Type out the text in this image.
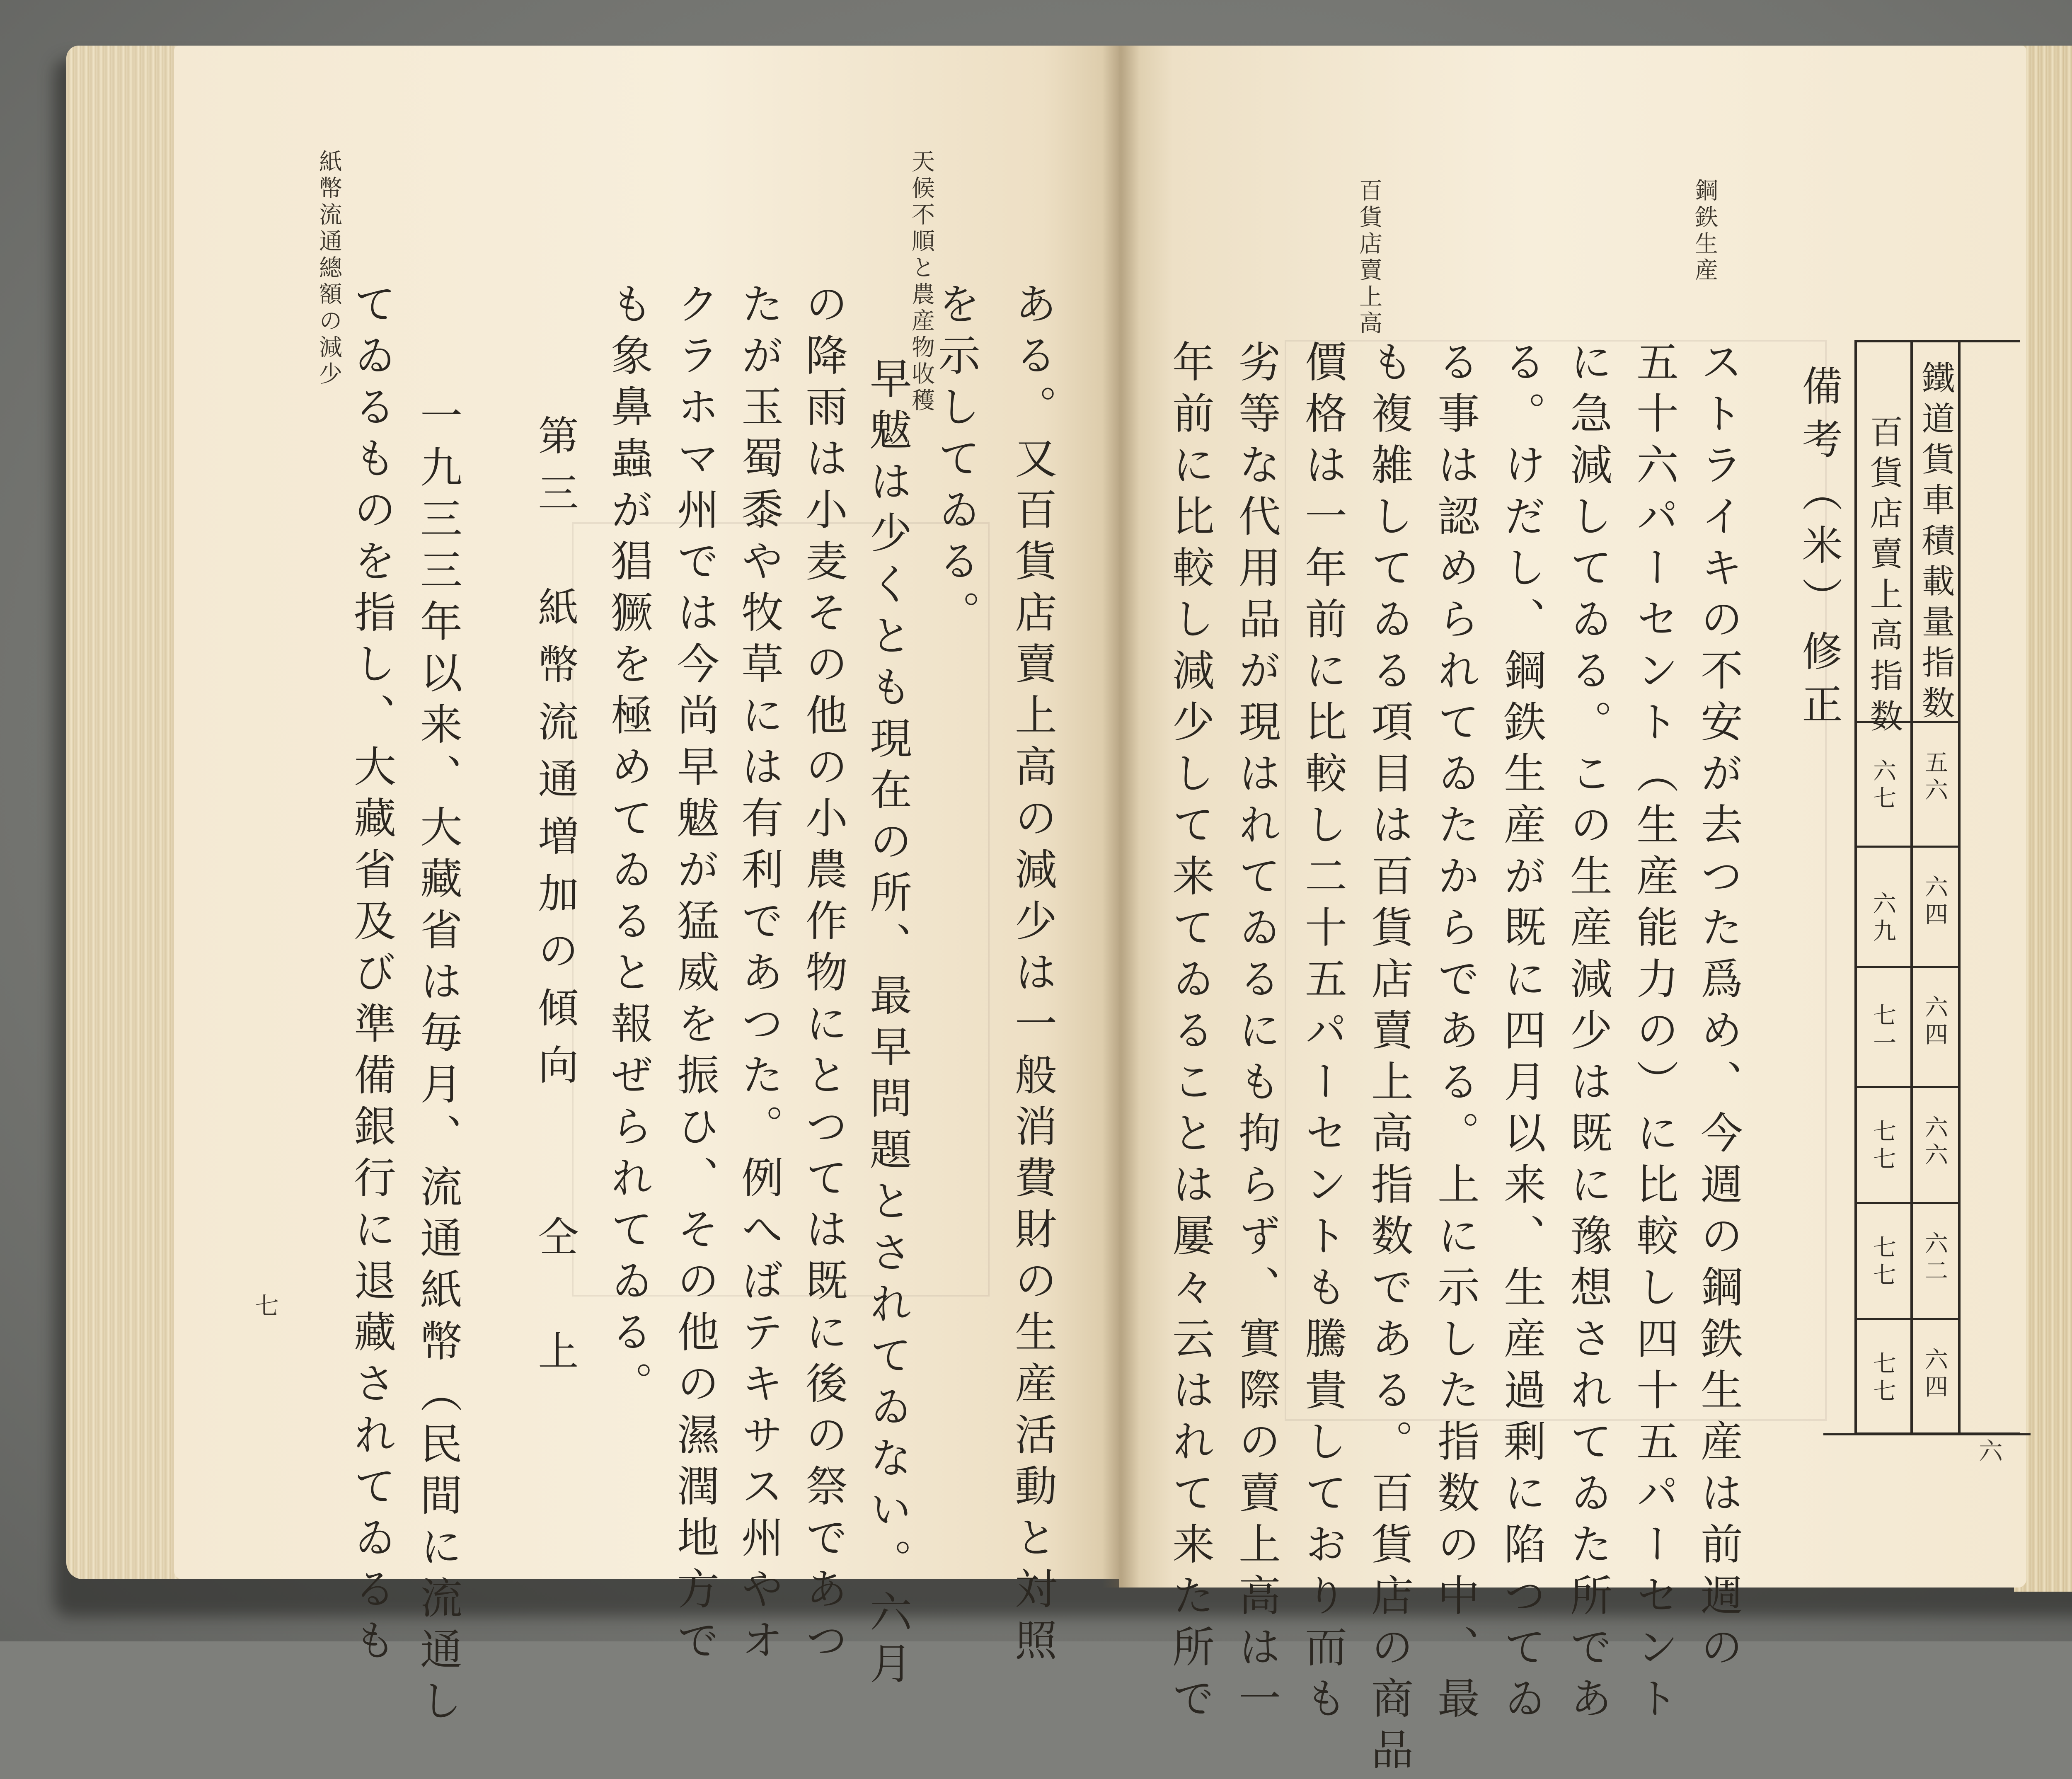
天候不順と農産物收穫
紙幣流通總額の減少
ある。又百貨店賣上高の減少は一般消費財の生産活動と対照
を示してゐる。
早魃は少くとも現在の所、最早問題とされてゐない。六月
の降雨は小麦その他の小農作物にとつては既に後の祭であつ
たが玉蜀黍や牧草には有利であつた。例へばテキサス州やオ
クラホマ州では今尚早魃が猛威を振ひ、その他の濕潤地方で
も象鼻蟲が猖獗を極めてゐると報ぜられてゐる。
第三　紙幣流通増加の傾向　　仝　上
一九三三年以来、大藏省は毎月、流通紙幣（民間に流通し
てゐるものを指し、大藏省及び準備銀行に退藏されてゐるも
七
鋼鉄生産
百貨店賣上高
鐵道貨車積載量指数
百貨店賣上高指数
五六
六四
六四
六六
六二
六四
六七
六九
七一
七七
七七
七七
六
備考（米）修正
ストライキの不安が去つた爲め、今週の鋼鉄生産は前週の
五十六パーセント（生産能力の）に比較し四十五パーセント
に急減してゐる。この生産減少は既に豫想されてゐた所であ
る。けだし、鋼鉄生産が既に四月以来、生産過剰に陷つてゐ
る事は認められてゐたからである。上に示した指数の中、最
も複雑してゐる項目は百貨店賣上高指数である。百貨店の商品
價格は一年前に比較し二十五パーセントも騰貴しており而も
劣等な代用品が現はれてゐるにも拘らず、實際の賣上高は一
年前に比較し減少して来てゐることは屢々云はれて来た所で
